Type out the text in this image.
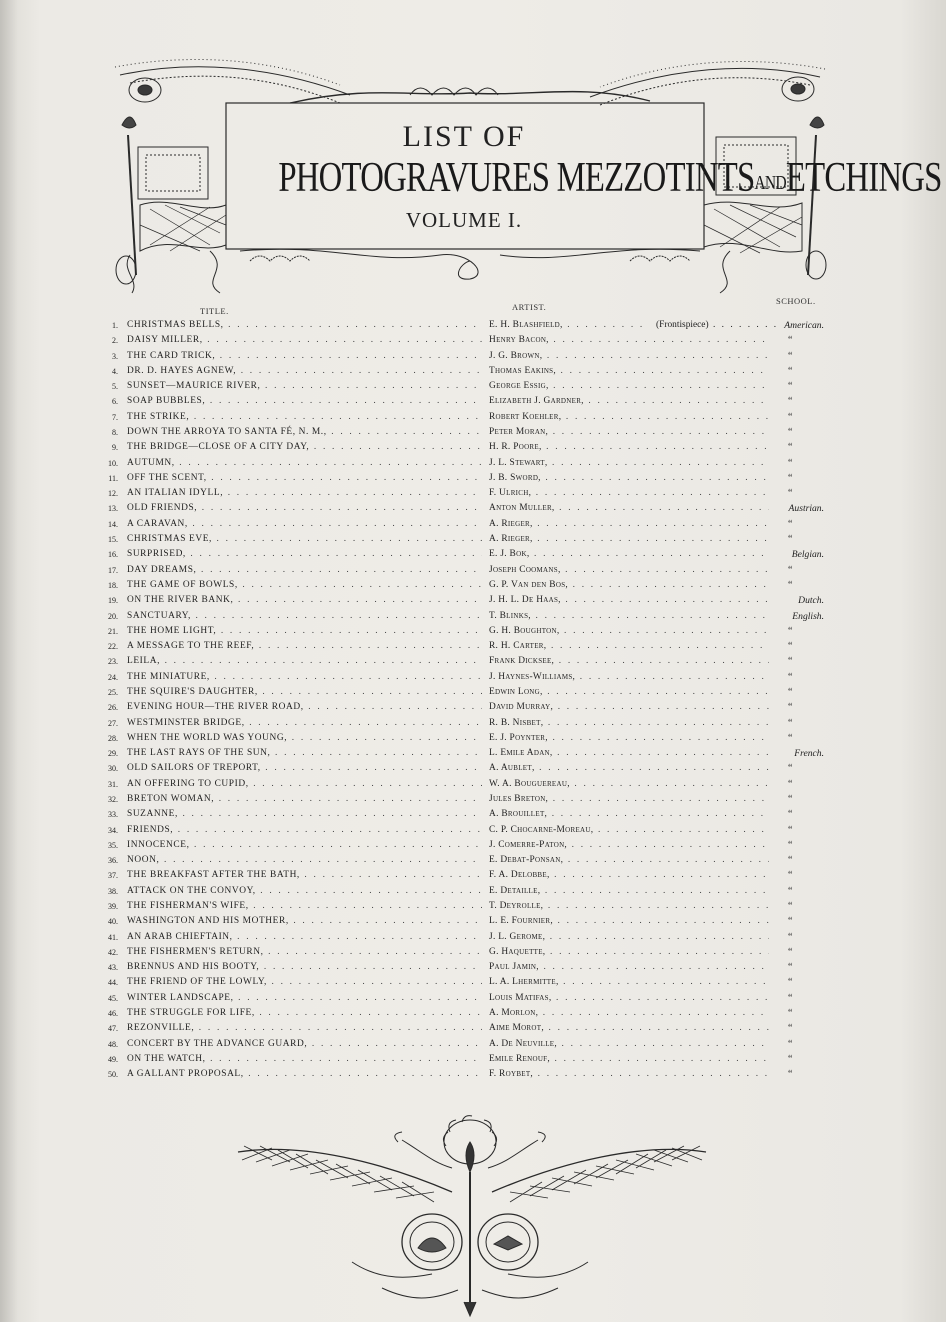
LIST OF
PHOTOGRAVURES MEZZOTINTSANDETCHINGS
VOLUME I.
TITLE.	ARTIST.
SCHOOL.
1. CHRISTMAS BELLS, . . .	E. H. Blashfield, . . .	(Frontispiece) . . .	American.
2. DAISY MILLER, . . .	Henry Bacon, . . .	“
3. THE CARD TRICK, . . .	J. G. Brown, . . .	“
4. DR. D. HAYES AGNEW, . . .	Thomas Eakins, . . .	“
5. SUNSET—MAURICE RIVER, . . .	George Essig, . . .	“
6. SOAP BUBBLES, . . .	Elizabeth J. Gardner, . . .	“
7. THE STRIKE, . . .	Robert Koehler, . . .	“
8. DOWN THE ARROYA TO SANTA FÉ, N. M., . . .	Peter Moran, . . .	“
9. THE BRIDGE—CLOSE OF A CITY DAY, . . .	H. R. Poore, . . .	“
10. AUTUMN, . . .	J. L. Stewart, . . .	“
11. OFF THE SCENT, . . .	J. B. Sword, . . .	“
12. AN ITALIAN IDYLL, . . .	F. Ulrich, . . .	“
13. OLD FRIENDS, . . .	Anton Muller, . . .	Austrian.
14. A CARAVAN, . . .	A. Rieger, . . .	“
15. CHRISTMAS EVE, . . .	A. Rieger, . . .	“
16. SURPRISED, . . .	E. J. Bok, . . .	Belgian.
17. DAY DREAMS, . . .	Joseph Coomans, . . .	“
18. THE GAME OF BOWLS, . . .	G. P. Van den Bos, . . .	“
19. ON THE RIVER BANK, . . .	J. H. L. De Haas, . . .	Dutch.
20. SANCTUARY, . . .	T. Blinks, . . .	English.
21. THE HOME LIGHT, . . .	G. H. Boughton, . . .	“
22. A MESSAGE TO THE REEF, . . .	R. H. Carter, . . .	“
23. LEILA, . . .	Frank Dicksee, . . .	“
24. THE MINIATURE, . . .	J. Haynes-Williams, . . .	“
25. THE SQUIRE'S DAUGHTER, . . .	Edwin Long, . . .	“
26. EVENING HOUR—THE RIVER ROAD, . . .	David Murray, . . .	“
27. WESTMINSTER BRIDGE, . . .	R. B. Nisbet, . . .	“
28. WHEN THE WORLD WAS YOUNG, . . .	E. J. Poynter, . . .	“
29. THE LAST RAYS OF THE SUN, . . .	L. Emile Adan, . . .	French.
30. OLD SAILORS OF TREPORT, . . .	A. Aublet, . . .	“
31. AN OFFERING TO CUPID, . . .	W. A. Bouguereau, . . .	“
32. BRETON WOMAN, . . .	Jules Breton, . . .	“
33. SUZANNE, . . .	A. Brouillet, . . .	“
34. FRIENDS, . . .	C. P. Chocarne-Moreau, . . .	“
35. INNOCENCE, . . .	J. Comerre-Paton, . . .	“
36. NOON, . . .	E. Debat-Ponsan, . . .	“
37. THE BREAKFAST AFTER THE BATH, . . .	F. A. Delobbe, . . .	“
38. ATTACK ON THE CONVOY, . . .	E. Detaille, . . .	“
39. THE FISHERMAN'S WIFE, . . .	T. Deyrolle, . . .	“
40. WASHINGTON AND HIS MOTHER, . . .	L. E. Fournier, . . .	“
41. AN ARAB CHIEFTAIN, . . .	J. L. Gerome, . . .	“
42. THE FISHERMEN'S RETURN, . . .	G. Haquette, . . .	“
43. BRENNUS AND HIS BOOTY, . . .	Paul Jamin, . . .	“
44. THE FRIEND OF THE LOWLY, . . .	L. A. Lhermitte, . . .	“
45. WINTER LANDSCAPE, . . .	Louis Matifas, . . .	“
46. THE STRUGGLE FOR LIFE, . . .	A. Morlon, . . .	“
47. REZONVILLE, . . .	Aime Morot, . . .	“
48. CONCERT BY THE ADVANCE GUARD, . . .	A. De Neuville, . . .	“
49. ON THE WATCH, . . .	Emile Renouf, . . .	“
50. A GALLANT PROPOSAL, . . .	F. Roybet, . . .	“
